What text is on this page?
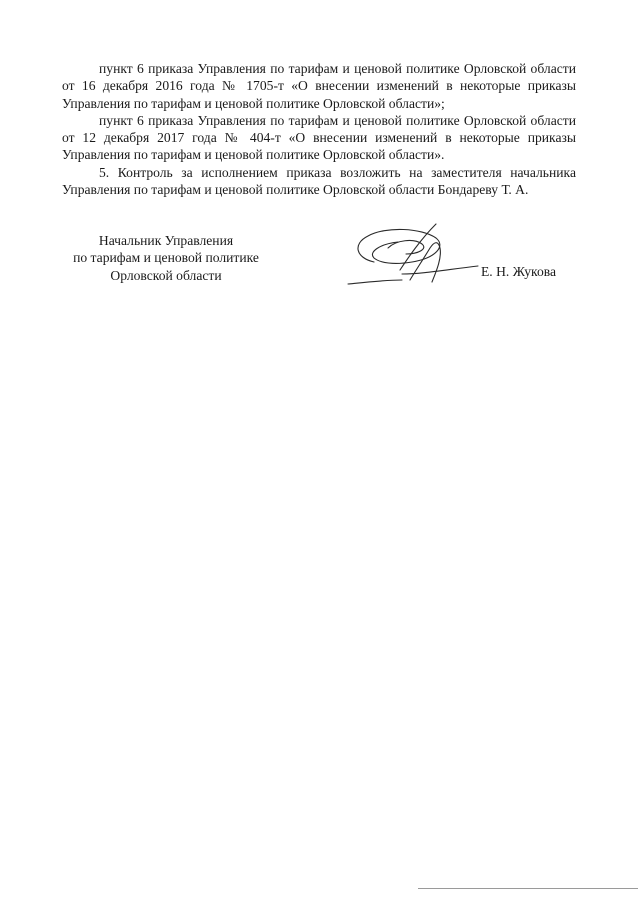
пункт 6 приказа Управления по тарифам и ценовой политике Орловской области от 16 декабря 2016 года № 1705-т «О внесении изменений в некоторые приказы Управления по тарифам и ценовой политике Орловской области»;

пункт 6 приказа Управления по тарифам и ценовой политике Орловской области от 12 декабря 2017 года № 404-т «О внесении изменений в некоторые приказы Управления по тарифам и ценовой политике Орловской области».

5. Контроль за исполнением приказа возложить на заместителя начальника Управления по тарифам и ценовой политике Орловской области Бондареву Т. А.

Начальник Управления
по тарифам и ценовой политике
Орловской области	Е. Н. Жукова
